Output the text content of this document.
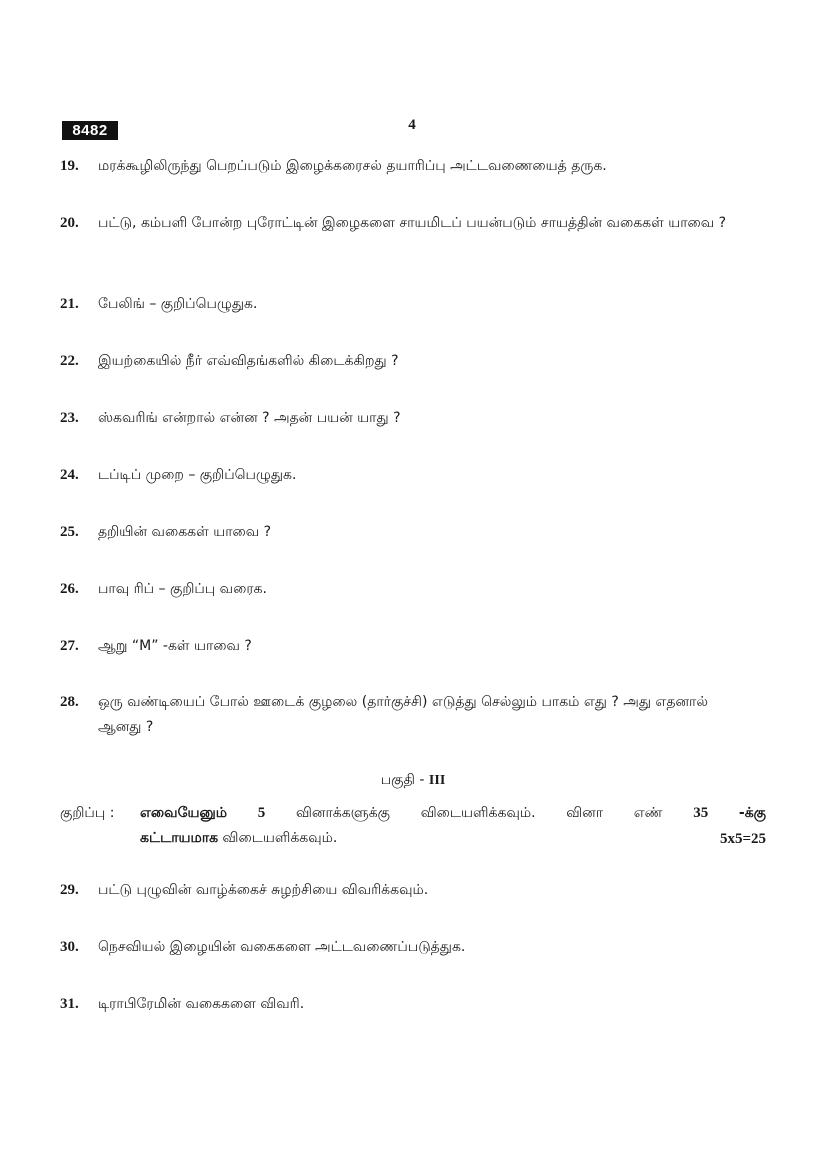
8482	4
19. மரக்கூழிலிருந்து பெறப்படும் இழைக்கரைசல் தயாரிப்பு அட்டவணையைத் தருக.
20. பட்டு, கம்பளி போன்ற புரோட்டின் இழைகளை சாயமிடப் பயன்படும் சாயத்தின் வகைகள் யாவை ?
21. பேலிங் – குறிப்பெழுதுக.
22. இயற்கையில் நீர் எவ்விதங்களில் கிடைக்கிறது ?
23. ஸ்கவரிங் என்றால் என்ன ? அதன் பயன் யாது ?
24. டப்டிப் முறை – குறிப்பெழுதுக.
25. தறியின் வகைகள் யாவை ?
26. பாவு ரிப் – குறிப்பு வரைக.
27. ஆறு “M” -கள் யாவை ?
28. ஒரு வண்டியைப் போல் ஊடைக் குழலை (தார்குச்சி) எடுத்து செல்லும் பாகம் எது ? அது எதனால் ஆனது ?
பகுதி - III
குறிப்பு : எவையேனும் 5 வினாக்களுக்கு விடையளிக்கவும். வினா எண் 35 -க்கு
கட்டாயமாக விடையளிக்கவும்.	5x5=25
29. பட்டு புழுவின் வாழ்க்கைச் சுழற்சியை விவரிக்கவும்.
30. நெசவியல் இழையின் வகைகளை அட்டவணைப்படுத்துக.
31. டிராபிரேமின் வகைகளை விவரி.
